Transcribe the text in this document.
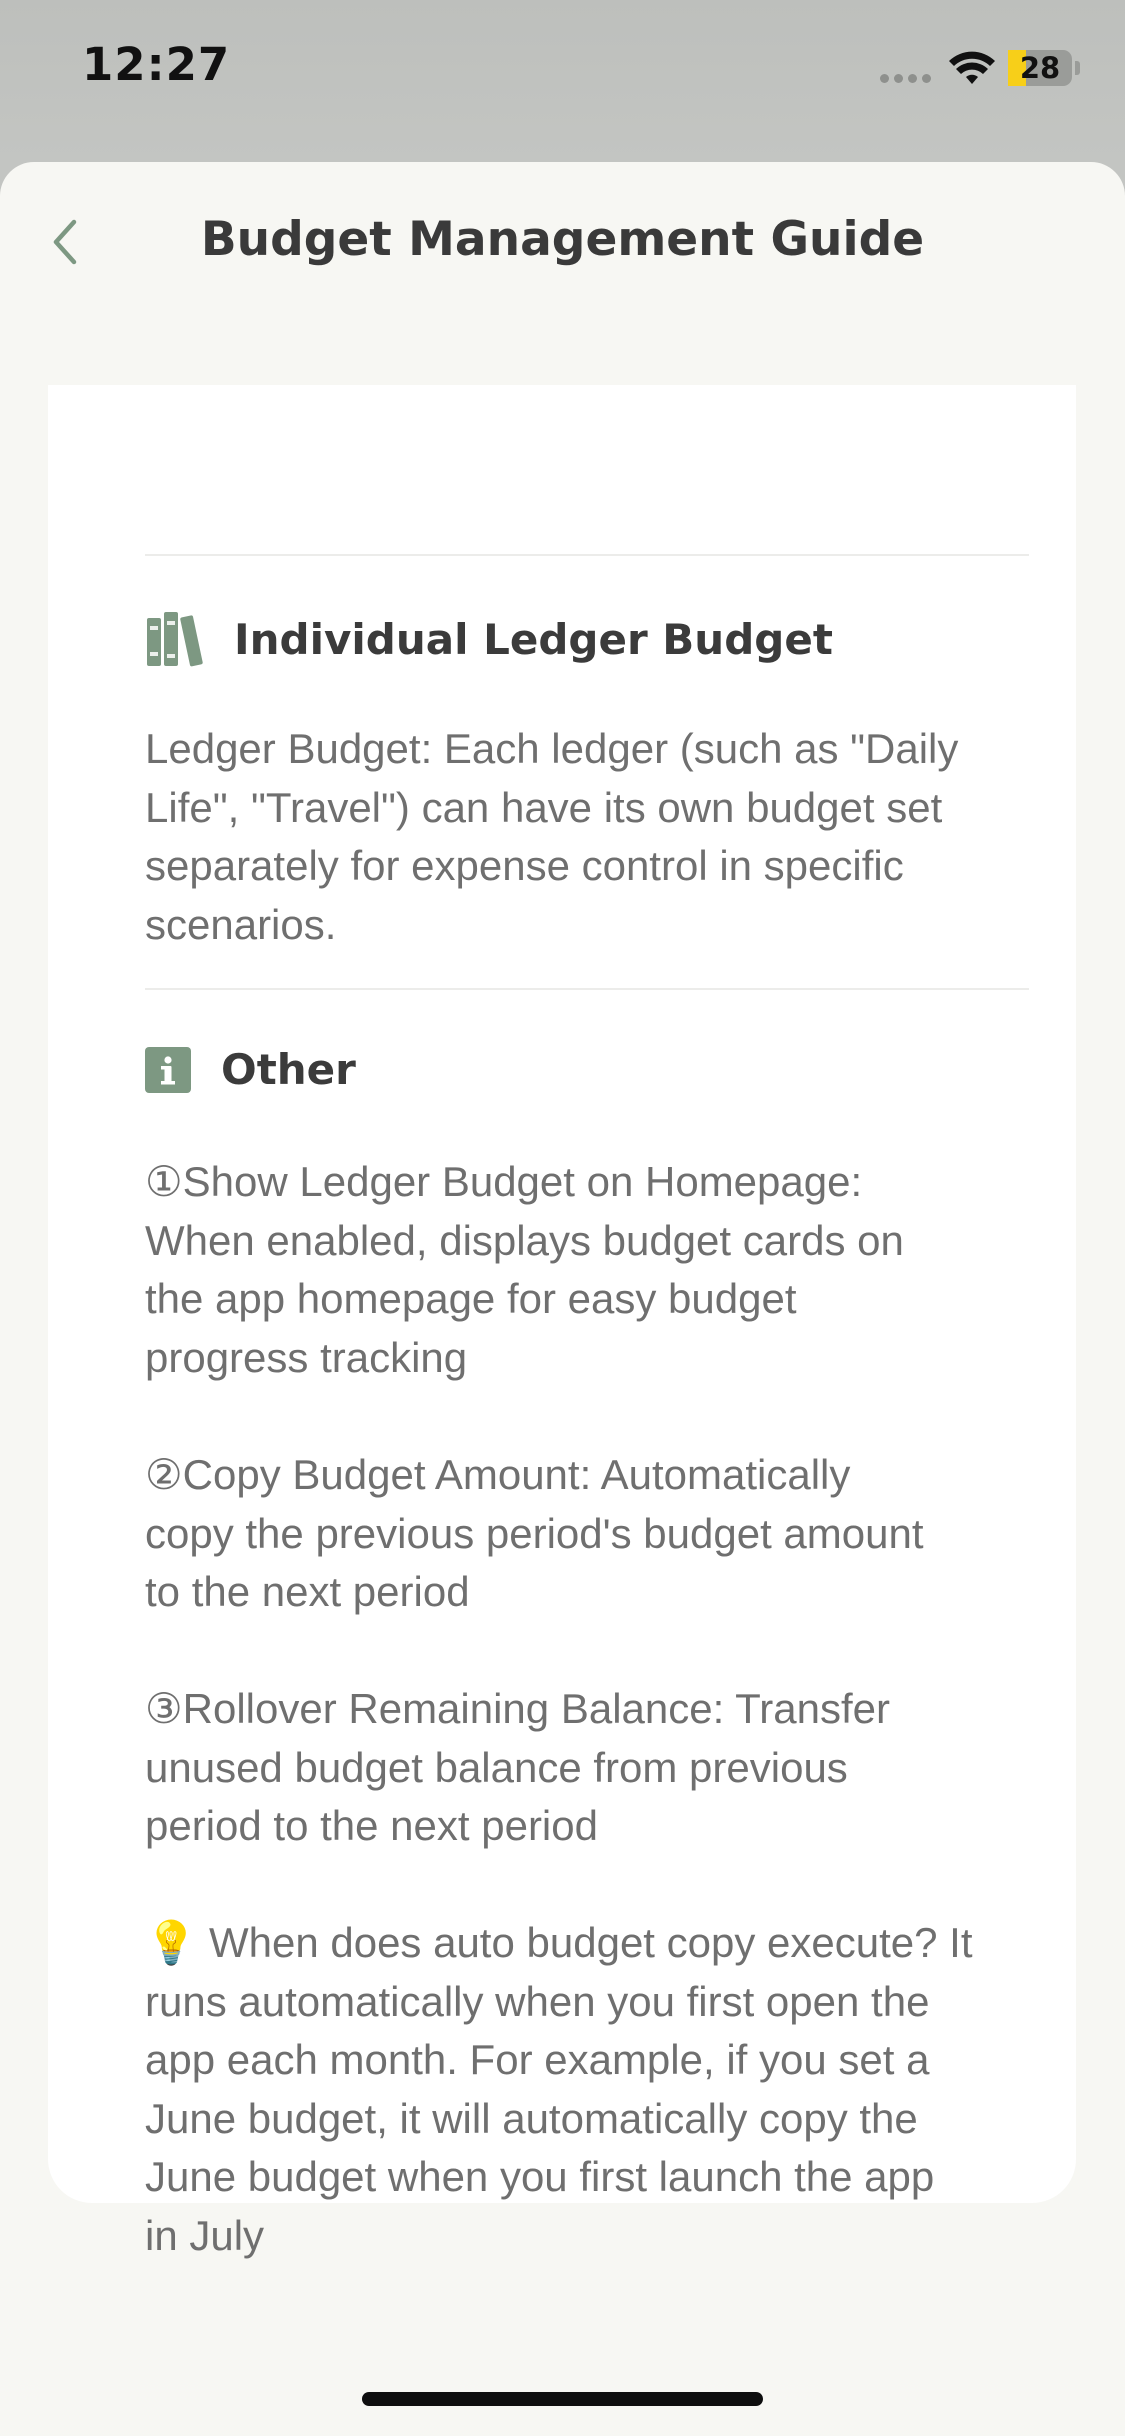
12:27	28
Budget Management Guide
Individual Ledger Budget

Ledger Budget: Each ledger (such as "Daily
Life", "Travel") can have its own budget set
separately for expense control in specific
scenarios.

Other

①Show Ledger Budget on Homepage:
When enabled, displays budget cards on
the app homepage for easy budget
progress tracking

②Copy Budget Amount: Automatically
copy the previous period's budget amount
to the next period

③Rollover Remaining Balance: Transfer
unused budget balance from previous
period to the next period

💡 When does auto budget copy execute? It
runs automatically when you first open the
app each month. For example, if you set a
June budget, it will automatically copy the
June budget when you first launch the app
in July
